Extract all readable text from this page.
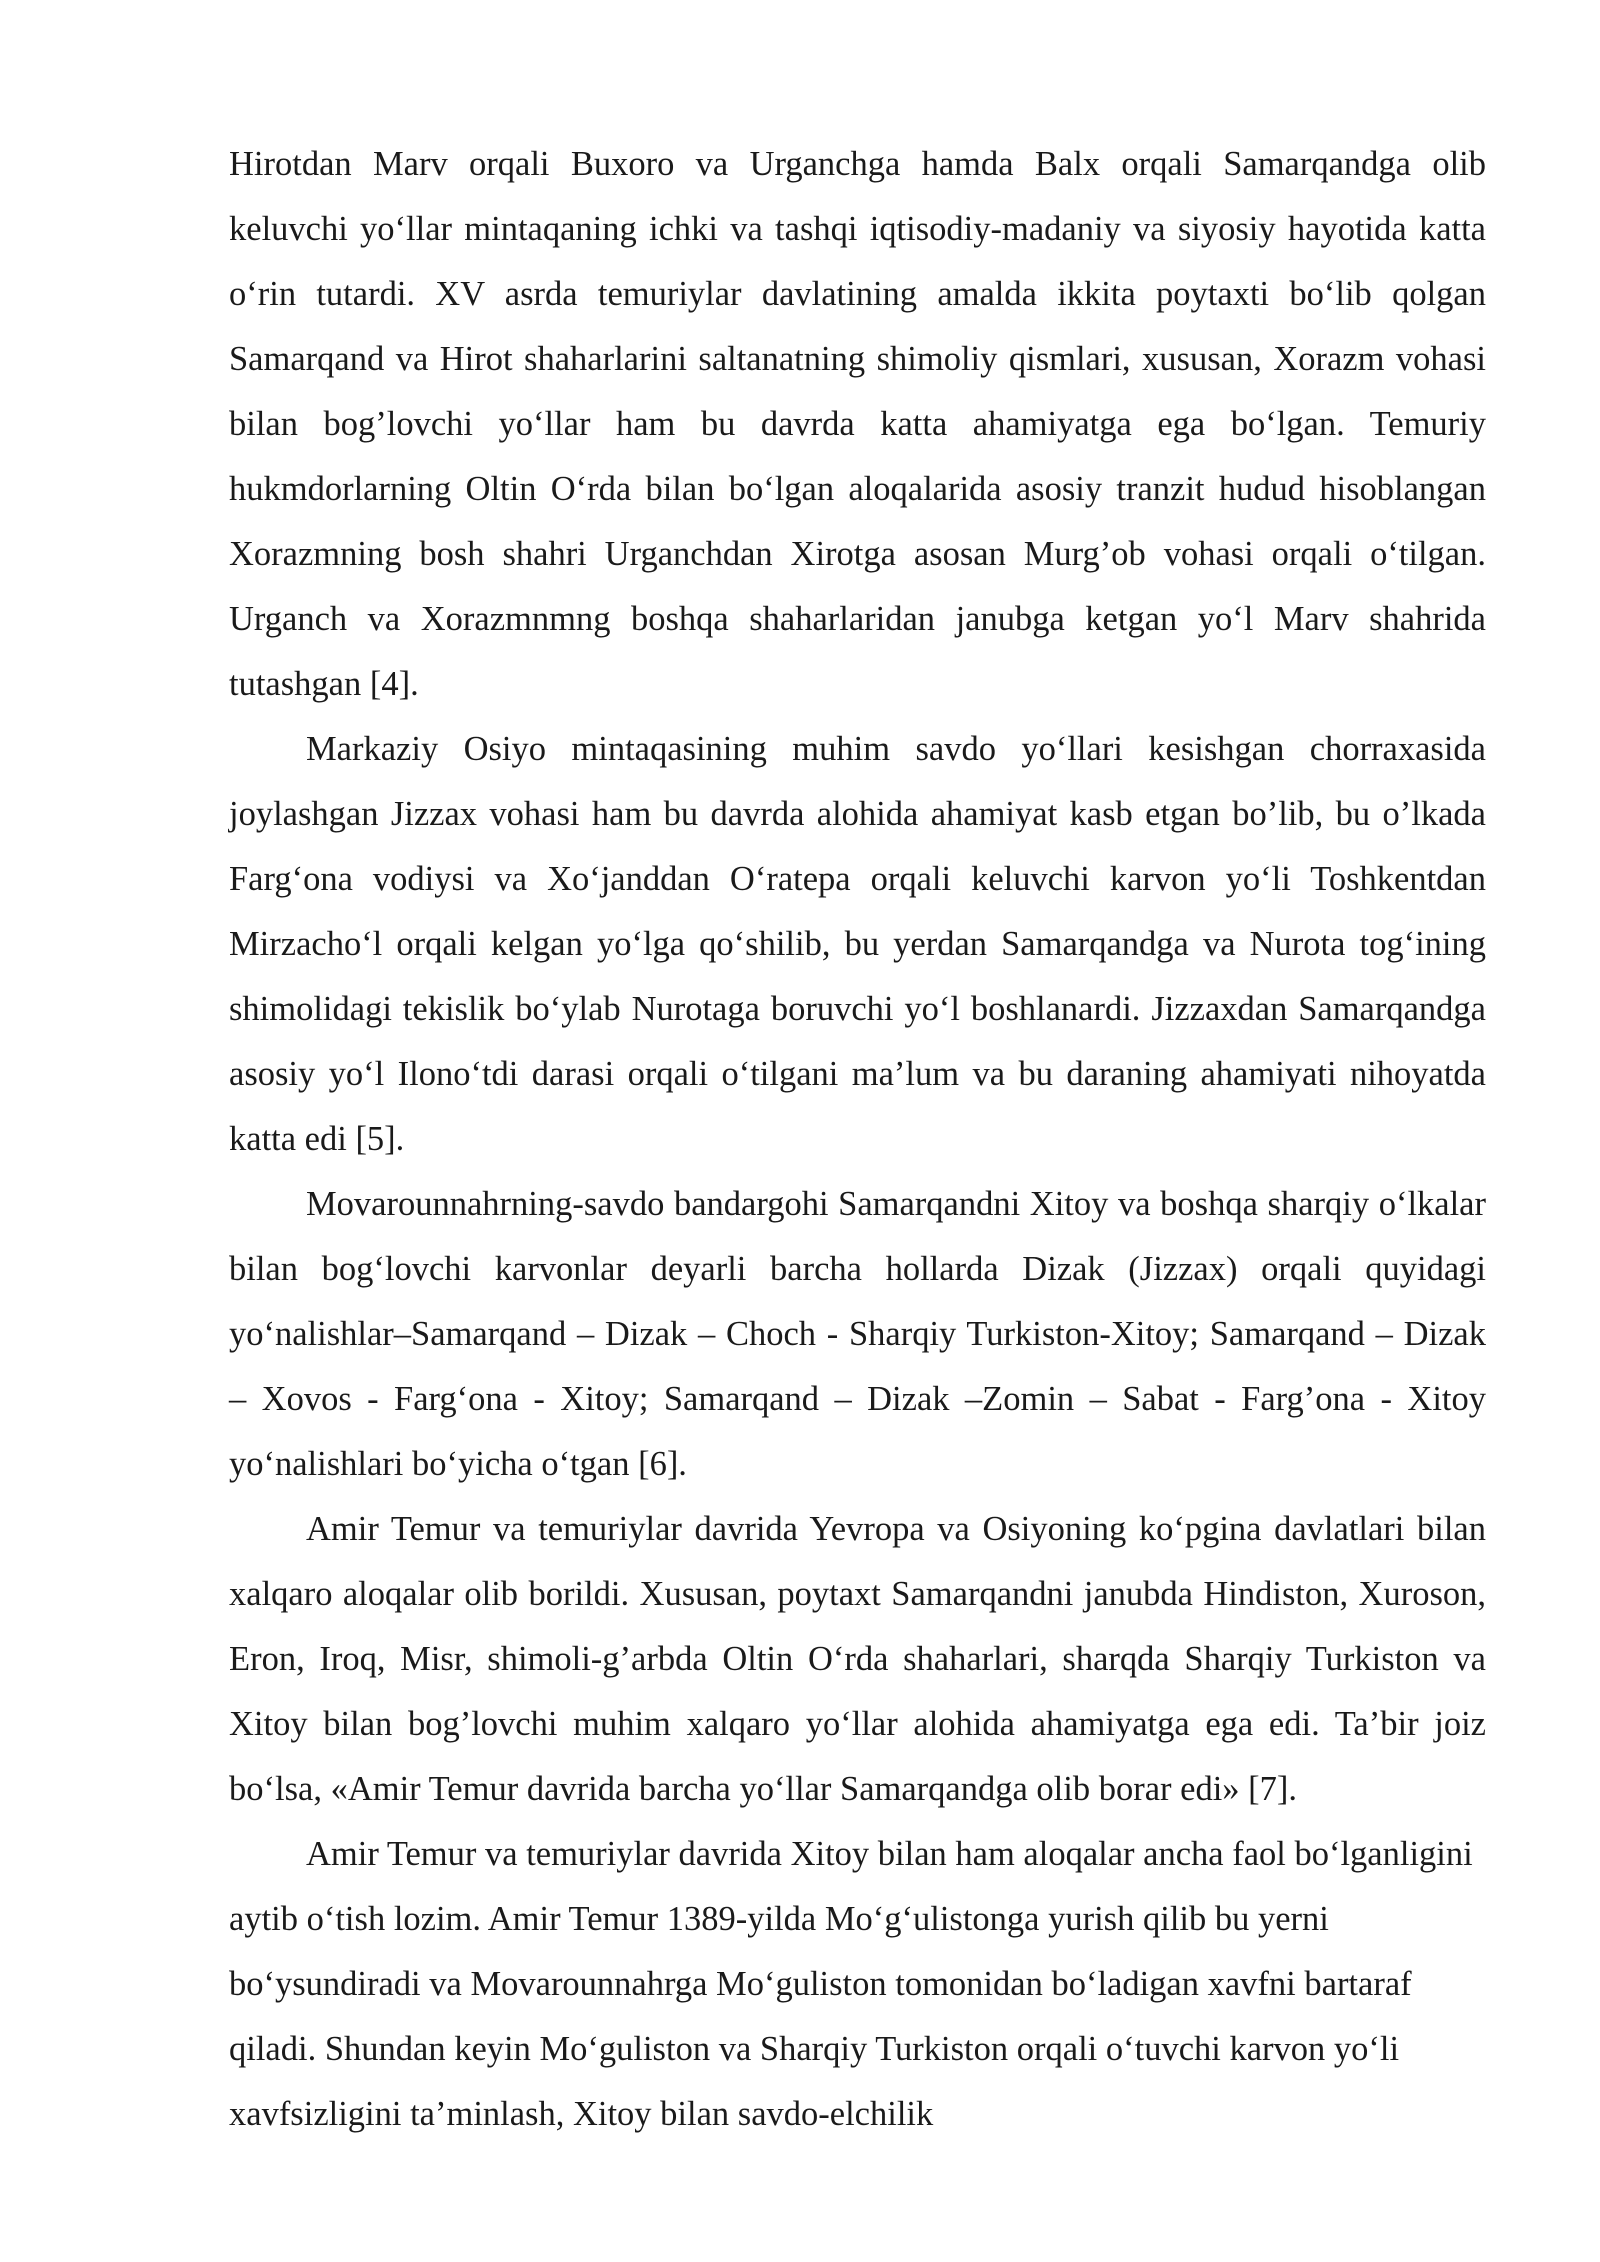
Hirotdan Marv orqali Buxoro va Urganchga hamda Balx orqali Samarqandga olib keluvchi yo‘llar mintaqaning ichki va tashqi iqtisodiy-madaniy va siyosiy hayotida katta o‘rin tutardi. XV asrda temuriylar davlatining amalda ikkita poytaxti bo‘lib qolgan Samarqand va Hirot shaharlarini saltanatning shimoliy qismlari, xususan, Xorazm vohasi bilan bog’lovchi yo‘llar ham bu davrda katta ahamiyatga ega bo‘lgan. Temuriy hukmdorlarning Oltin O‘rda bilan bo‘lgan aloqalarida asosiy tranzit hudud hisoblangan Xorazmning bosh shahri Urganchdan Xirotga asosan Murg’ob vohasi orqali o‘tilgan. Urganch va Xorazmnmng boshqa shaharlaridan janubga ketgan yo‘l Marv shahrida tutashgan [4].

Markaziy Osiyo mintaqasining muhim savdo yo‘llari kesishgan chorraxasida joylashgan Jizzax vohasi ham bu davrda alohida ahamiyat kasb etgan bo’lib, bu o’lkada Farg‘ona vodiysi va Xo‘janddan O‘ratepa orqali keluvchi karvon yo‘li Toshkentdan Mirzacho‘l orqali kelgan yo‘lga qo‘shilib, bu yerdan Samarqandga va Nurota tog‘ining shimolidagi tekislik bo‘ylab Nurotaga boruvchi yo‘l boshlanardi. Jizzaxdan Samarqandga asosiy yo‘l Ilono‘tdi darasi orqali o‘tilgani ma’lum va bu daraning ahamiyati nihoyatda katta edi [5].

Movarounnahrning-savdo bandargohi Samarqandni Xitoy va boshqa sharqiy o‘lkalar bilan bog‘lovchi karvonlar deyarli barcha hollarda Dizak (Jizzax) orqali quyidagi yo‘nalishlar–Samarqand – Dizak – Choch - Sharqiy Turkiston-Xitoy; Samarqand – Dizak – Xovos - Farg‘ona - Xitoy; Samarqand – Dizak –Zomin – Sabat - Farg’ona - Xitoy yo‘nalishlari bo‘yicha o‘tgan [6].

Amir Temur va temuriylar davrida Yevropa va Osiyoning ko‘pgina davlatlari bilan xalqaro aloqalar olib borildi. Xususan, poytaxt Samarqandni janubda Hindiston, Xuroson, Eron, Iroq, Misr, shimoli-g’arbda Oltin O‘rda shaharlari, sharqda Sharqiy Turkiston va Xitoy bilan bog’lovchi muhim xalqaro yo‘llar alohida ahamiyatga ega edi. Ta’bir joiz bo‘lsa, «Amir Temur davrida barcha yo‘llar Samarqandga olib borar edi» [7].

Amir Temur va temuriylar davrida Xitoy bilan ham aloqalar ancha faol bo‘lganligini aytib o‘tish lozim. Amir Temur 1389-yilda Mo‘g‘ulistonga yurish qilib bu yerni bo‘ysundiradi va Movarounnahrga Mo‘guliston tomonidan bo‘ladigan xavfni bartaraf qiladi. Shundan keyin Mo‘guliston va Sharqiy Turkiston orqali o‘tuvchi karvon yo‘li xavfsizligini ta’minlash, Xitoy bilan savdo-elchilik
